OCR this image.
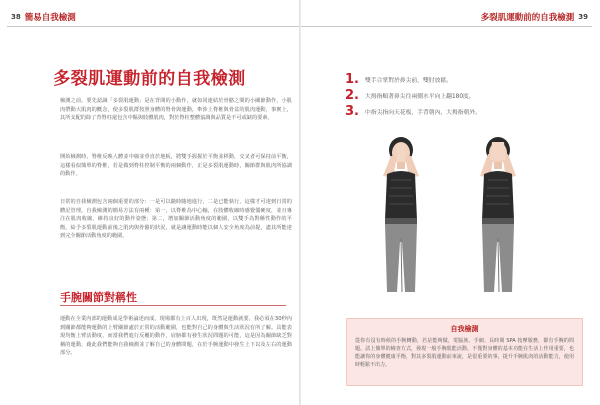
38 簡易自我檢測
多裂肌運動前的自我檢測
檢測之前，要先認識「多裂肌運動」是在背間的小動作，就如同連結於骨骼之間的小關節動作，小肌肉帶動大肌肉的概念，使多裂肌群按照身體的脊骨與運動，牽涉上脊椎與骨盆的肌肉運動，事實上，其所支配的除了背脊柱還包含中樞與肢體肌肉，對於脊柱整體協調與品質是不可或缺的要素。
開始檢測時，脊椎反映人體並中線並垂直於地板，將雙手握握於平衡並移動，交叉者可保持前平衡，這樣看似簡單的脊椎，若是做到脊柱控制平衡的兩個動作，正是多裂肌運動時，關節群與肌肉所協調的動作。
日常的自我檢測包含兩個重要的部分：一是可以隨時隨地進行，二是已能執行，這樣才可達到日常的體記管理。自我檢測的簡易方法有兩種：第一，以脊椎為中心軸，在肢體收縮時感覺僵硬度，並且專注在肌肉收縮，維持良好的動作姿態；第二，增加關節活動角度的範圍，以雙手為對稱性動作的平衡，給予多裂肌運動前後之肌肉與骨骼的狀況，就是讓運動時能以個人安全角度為前提，盡其所能達到完全關節活動角度的範圍。
手腕關節對稱性
運動在全業內部的運動成是學術論述而成，現場都有上百人出現，既然是運動就要，我必須在30秒內到關節都能夠運動的上臂關節處於正常的活動範圍，也能對自己的身體與生活狀況有所了解。具能表現均衡上臂活動度，而當我們進行反覆的動作，肩膀都有發生狀況問題的可能，這是因為關節缺乏對稱的運動，藉此我們能夠自我檢測並了解自己的身體問題，在於手腕運動中發生上下以及左右的運動部分。
多裂肌運動前的自我檢測 39
1.	雙手合掌對於鼻尖前，雙肘放鬆。
2.	大拇指順著鼻尖往兩側水平向上翻180度。
3.	中指尖指向天花板，手背朝內，大拇指朝外。
自我檢測
從你有沒有時候的手腕轉動，若是能夠做，電腦族、手網、長時間 SPA 按摩服務，都有手腕的問題。試上簡單的檢查方式，發現一般手腕肌能活動，不僅對身體的基本功能在生活上作用重要，也能讓你的身體健康平衡，對其多裂肌運動前來說，是很重要的事，提升手腕肌肉的活動能力，使用時輕鬆不出力。
